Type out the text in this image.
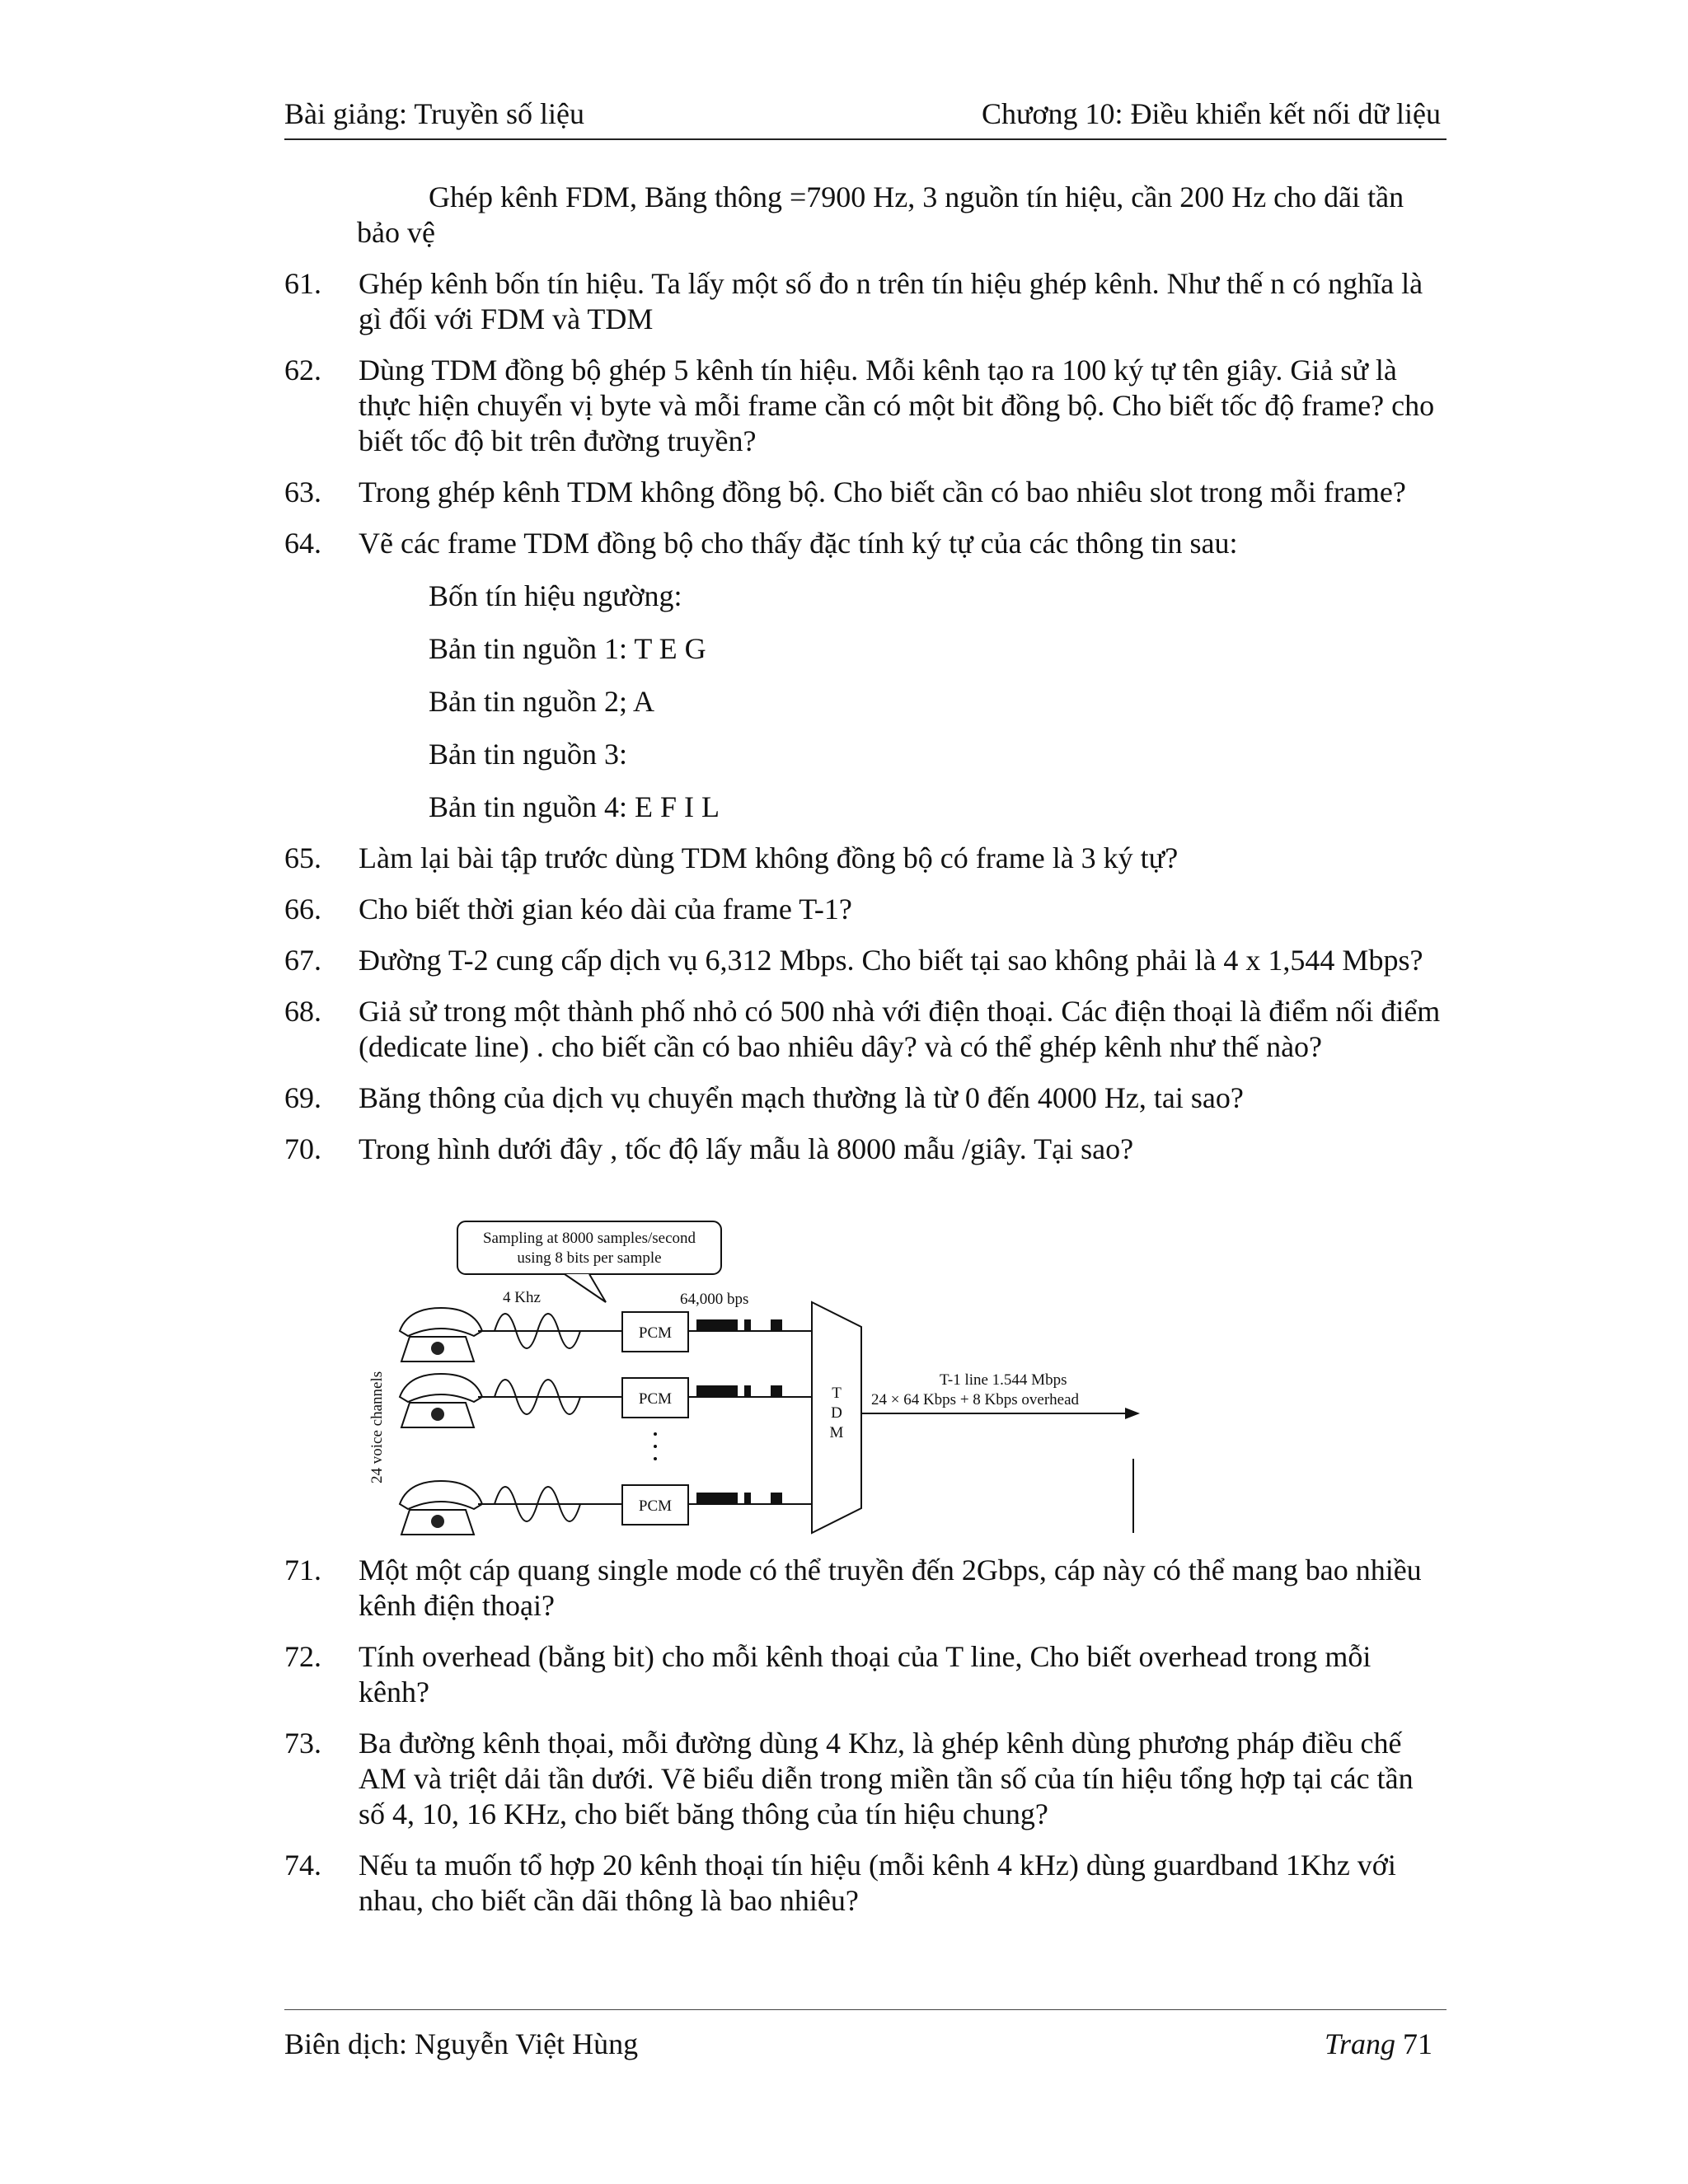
Bài giảng: Truyền số liệu	Chương 10: Điều khiển kết nối dữ liệu
Ghép kênh FDM, Băng thông =7900 Hz, 3 nguồn tín hiệu, cần 200 Hz cho dãi tần
bảo vệ
61. Ghép kênh bốn tín hiệu. Ta lấy một số đo n trên tín hiệu ghép kênh. Như thế n có nghĩa là gì đối với FDM và TDM
62. Dùng TDM đồng bộ ghép 5 kênh tín hiệu. Mỗi kênh tạo ra 100 ký tự tên giây. Giả sử là thực hiện chuyển vị byte và mỗi frame cần có một bit đồng bộ. Cho biết tốc độ frame? cho biết tốc độ bit trên đường truyền?
63. Trong ghép kênh TDM không đồng bộ. Cho biết cần có bao nhiêu slot trong mỗi frame?
64. Vẽ các frame TDM đồng bộ cho thấy đặc tính ký tự của các thông tin sau:
Bốn tín hiệu ngường:
Bản tin nguồn 1: T E G
Bản tin nguồn 2; A
Bản tin nguồn 3:
Bản tin nguồn 4: E F I L
65. Làm lại bài tập trước dùng TDM không đồng bộ có frame là 3 ký tự?
66. Cho biết thời gian kéo dài của frame T-1?
67. Đường T-2 cung cấp dịch vụ 6,312 Mbps. Cho biết tại sao không phải là 4 x 1,544 Mbps?
68. Giả sử trong một thành phố nhỏ có 500 nhà với điện thoại. Các điện thoại là điểm nối điểm (dedicate line) . cho biết cần có bao nhiêu dây? và có thể ghép kênh như thế nào?
69. Băng thông của dịch vụ chuyển mạch thường là từ 0 đến 4000 Hz, tai sao?
70. Trong hình dưới đây , tốc độ lấy mẫu là 8000 mẫu /giây. Tại sao?
71. Một một cáp quang single mode có thể truyền đến 2Gbps, cáp này có thể mang bao nhiều kênh điện thoại?
72. Tính overhead (bằng bit) cho mỗi kênh thoại của T line, Cho biết overhead trong mỗi kênh?
73. Ba đường kênh thọai, mỗi đường dùng 4 Khz, là ghép kênh dùng phương pháp điều chế AM và triệt dải tần dưới. Vẽ biểu diễn trong miền tần số của tín hiệu tổng hợp tại các tần số 4, 10, 16 KHz, cho biết băng thông của tín hiệu chung?
74. Nếu ta muốn tổ hợp 20 kênh thoại tín hiệu (mỗi kênh 4 kHz) dùng guardband 1Khz với nhau, cho biết cần dãi thông là bao nhiêu?
Sampling at 8000 samples/second
using 8 bits per sample
4 Khz	64,000 bps
24 voice channels
PCM
PCM
PCM
T
D
M
T-1 line 1.544 Mbps
24 × 64 Kbps + 8 Kbps overhead
Biên dịch: Nguyễn Việt Hùng	Trang 71
